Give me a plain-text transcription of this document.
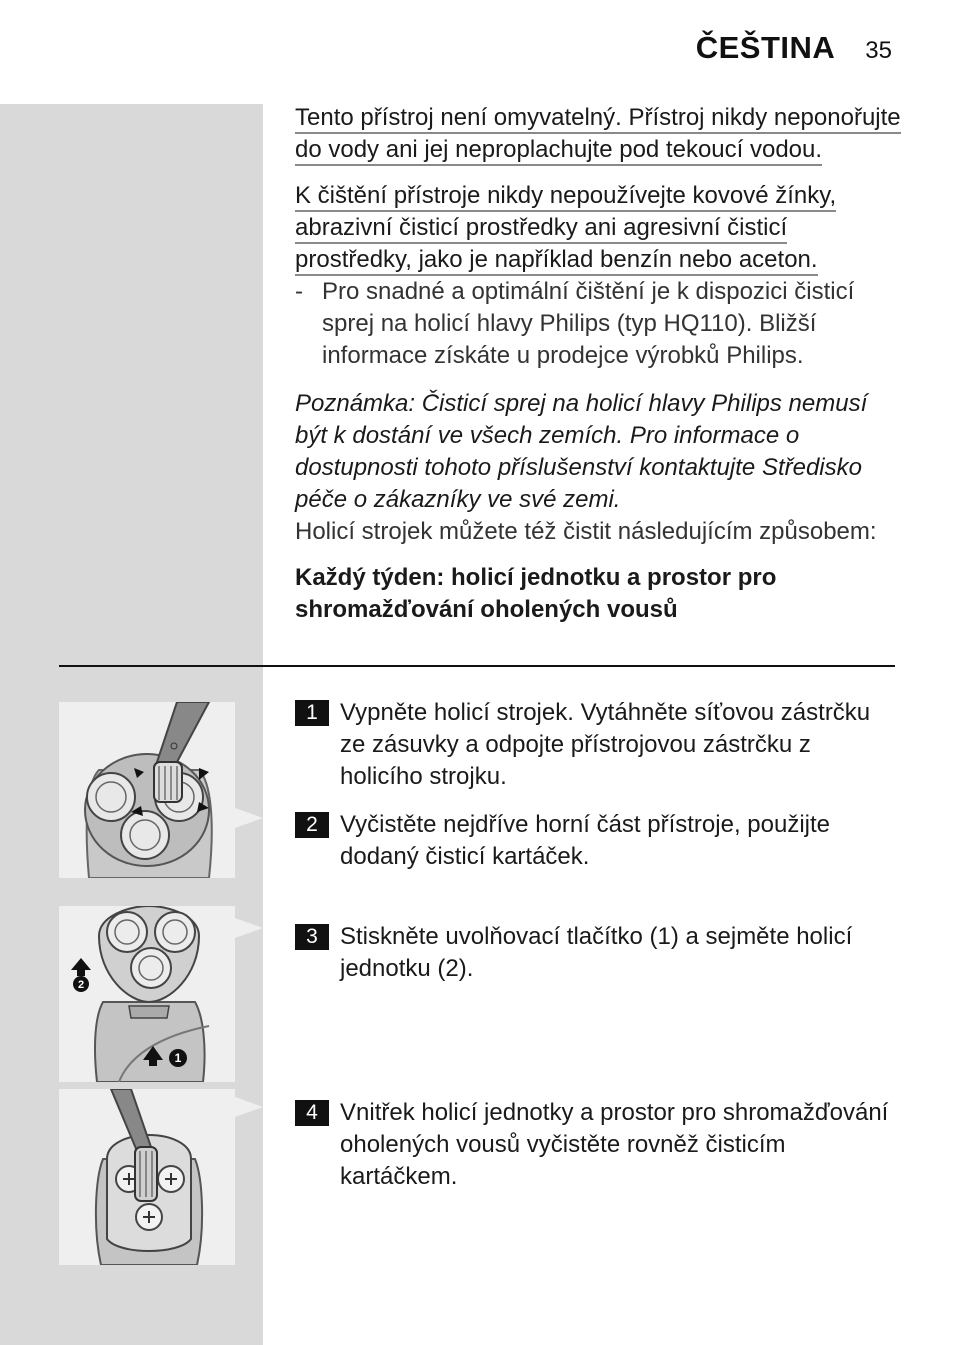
ČEŠTINA 35

Tento přístroj není omyvatelný. Přístroj nikdy neponořujte do vody ani jej neproplachujte pod tekoucí vodou.

K čištění přístroje nikdy nepoužívejte kovové žínky, abrazivní čisticí prostředky ani agresivní čisticí prostředky, jako je například benzín nebo aceton.

- Pro snadné a optimální čištění je k dispozici čisticí sprej na holicí hlavy Philips (typ HQ110). Bližší informace získáte u prodejce výrobků Philips.

Poznámka: Čisticí sprej na holicí hlavy Philips nemusí být k dostání ve všech zemích. Pro informace o dostupnosti tohoto příslušenství kontaktujte Středisko péče o zákazníky ve své zemi.

Holicí strojek můžete též čistit následujícím způsobem:

Každý týden: holicí jednotku a prostor pro shromažďování oholených vousů

2
1
1 Vypněte holicí strojek. Vytáhněte síťovou zástrčku ze zásuvky a odpojte přístrojovou zástrčku z holicího strojku.
2 Vyčistěte nejdříve horní část přístroje, použijte dodaný čisticí kartáček.
3 Stiskněte uvolňovací tlačítko (1) a sejměte holicí jednotku (2).
4 Vnitřek holicí jednotky a prostor pro shromažďování oholených vousů vyčistěte rovněž čisticím kartáčkem.
